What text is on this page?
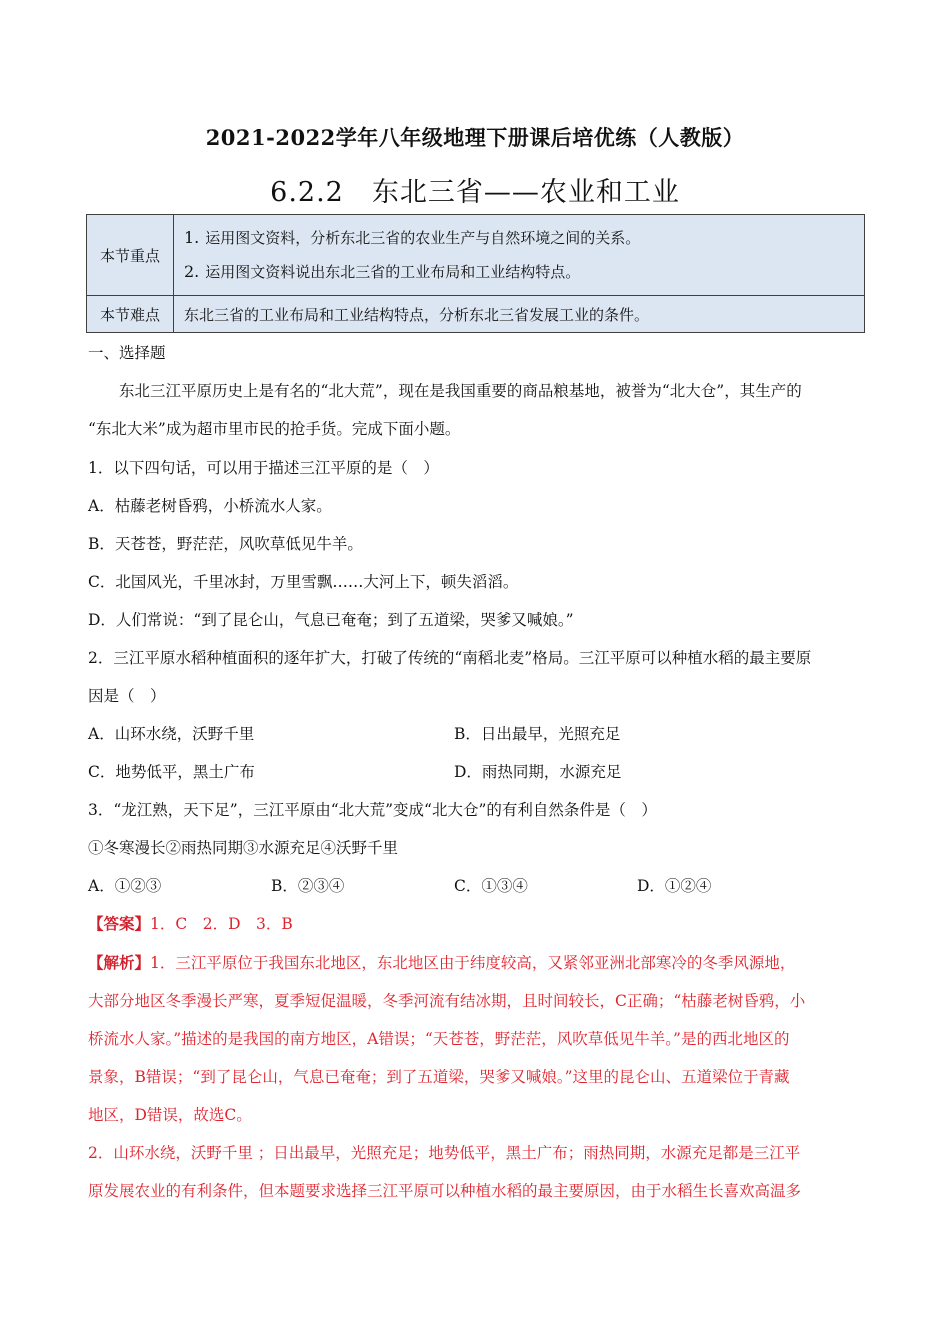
2021-2022学年八年级地理下册课后培优练（人教版）
6.2.2　东北三省——农业和工业
本节重点	1. 运用图文资料，分析东北三省的农业生产与自然环境之间的关系。
2. 运用图文资料说出东北三省的工业布局和工业结构特点。

本节难点	东北三省的工业布局和工业结构特点，分析东北三省发展工业的条件。
一、选择题
东北三江平原历史上是有名的“北大荒”，现在是我国重要的商品粮基地，被誉为“北大仓”，其生产的
“东北大米”成为超市里市民的抢手货。完成下面小题。
1．以下四句话，可以用于描述三江平原的是（　）
A．枯藤老树昏鸦，小桥流水人家。
B．天苍苍，野茫茫，风吹草低见牛羊。
C．北国风光，千里冰封，万里雪飘……大河上下，顿失滔滔。
D．人们常说：“到了昆仑山，气息已奄奄；到了五道梁，哭爹又喊娘。”
2．三江平原水稻种植面积的逐年扩大，打破了传统的“南稻北麦”格局。三江平原可以种植水稻的最主要原
因是（　）
A．山环水绕，沃野千里	B．日出最早，光照充足
C．地势低平，黑土广布	D．雨热同期，水源充足
3．“龙江熟，天下足”，三江平原由“北大荒”变成“北大仓”的有利自然条件是（　）
①冬寒漫长②雨热同期③水源充足④沃野千里
A．①②③	B．②③④	C．①③④	D．①②④
【答案】1．C　2．D　3．B
【解析】1．三江平原位于我国东北地区，东北地区由于纬度较高，又紧邻亚洲北部寒冷的冬季风源地，
大部分地区冬季漫长严寒，夏季短促温暖，冬季河流有结冰期，且时间较长，C正确；“枯藤老树昏鸦，小
桥流水人家。”描述的是我国的南方地区，A错误；“天苍苍，野茫茫，风吹草低见牛羊。”是的西北地区的
景象，B错误；“到了昆仑山，气息已奄奄；到了五道梁，哭爹又喊娘。”这里的昆仑山、五道梁位于青藏
地区，D错误，故选C。
2．山环水绕，沃野千里 ；日出最早，光照充足；地势低平，黑土广布；雨热同期，水源充足都是三江平
原发展农业的有利条件，但本题要求选择三江平原可以种植水稻的最主要原因，由于水稻生长喜欢高温多
